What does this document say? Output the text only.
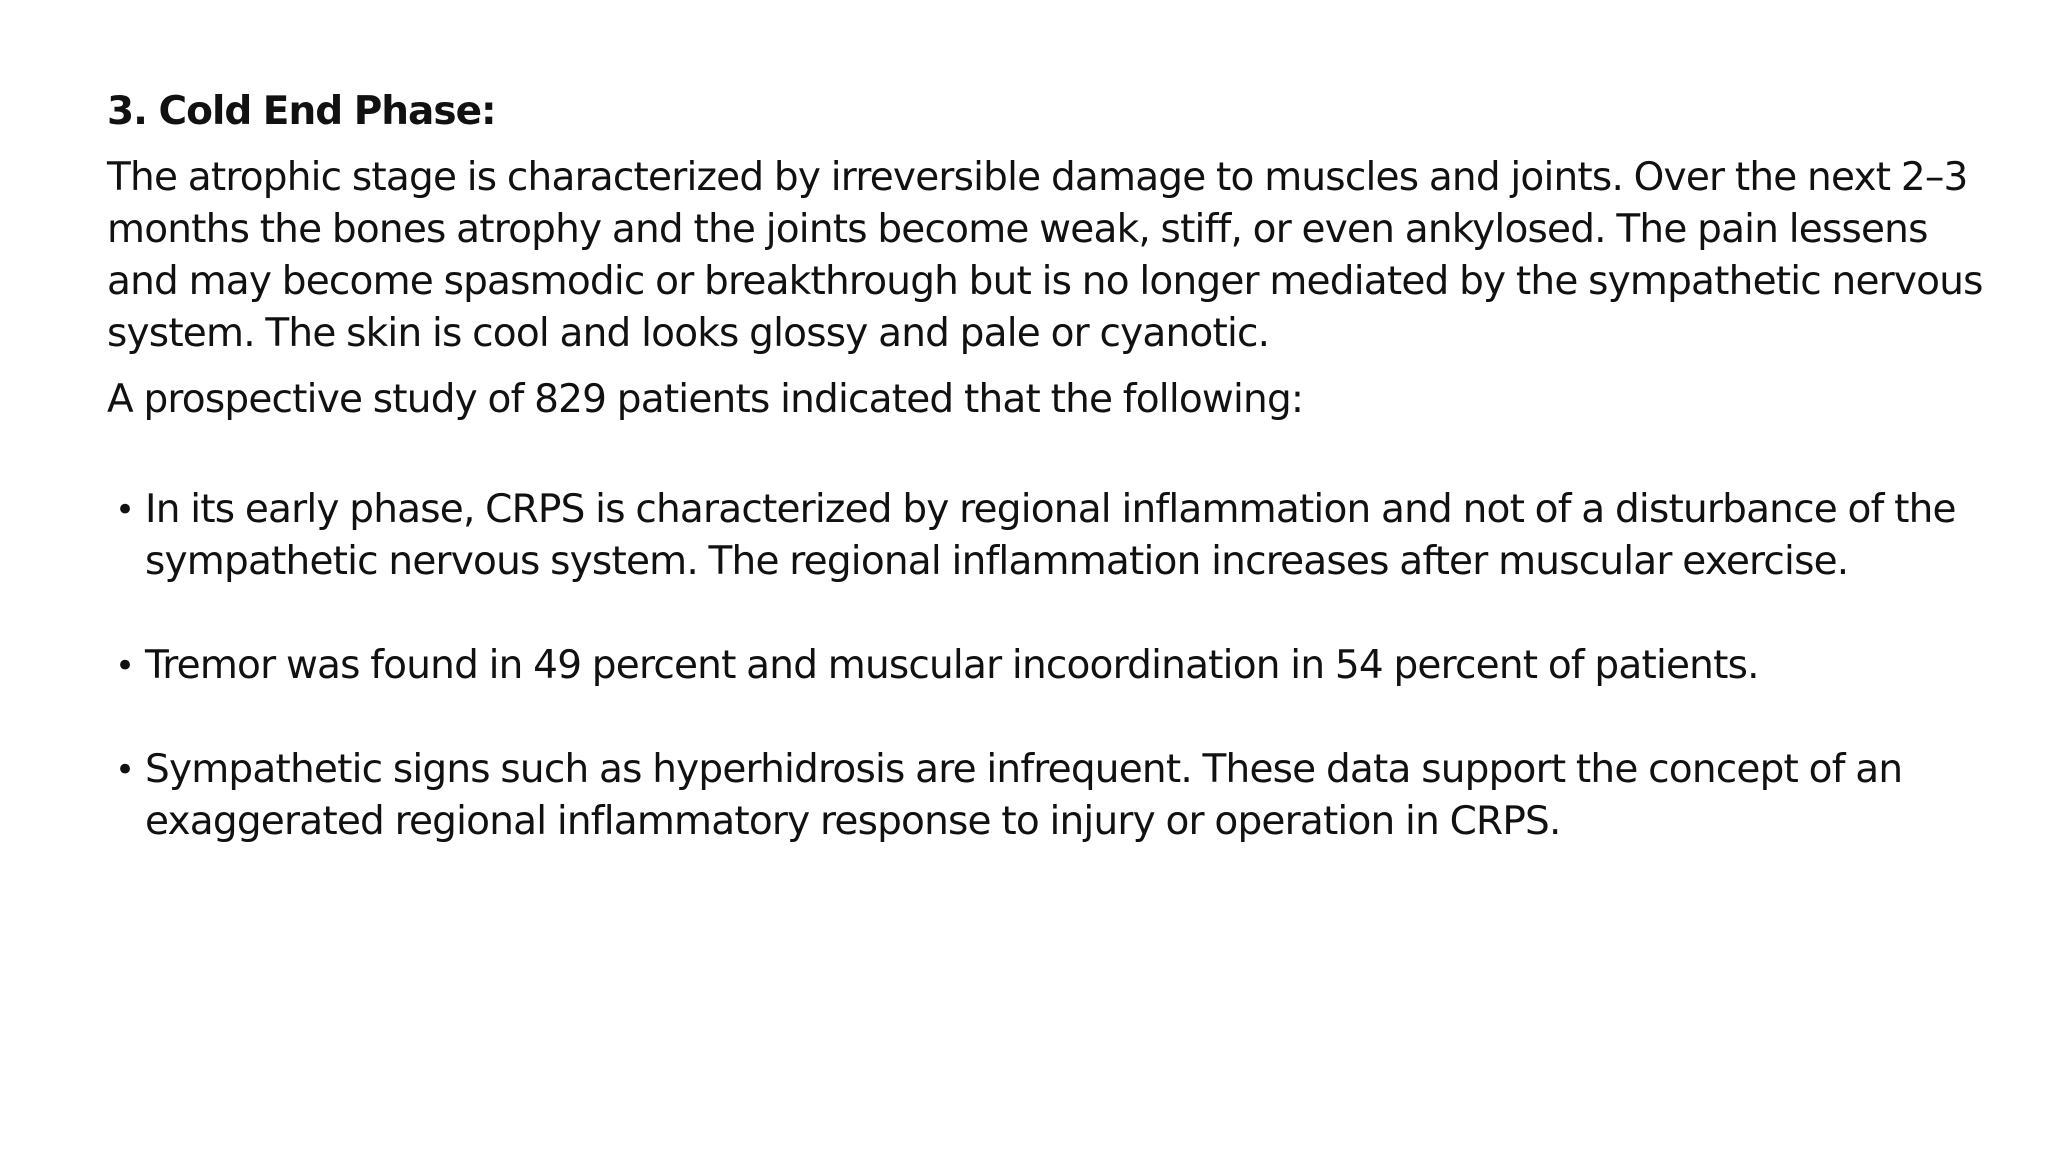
3. Cold End Phase:
The atrophic stage is characterized by irreversible damage to muscles and joints. Over the next 2–3 months the bones atrophy and the joints become weak, stiff, or even ankylosed. The pain lessens and may become spasmodic or breakthrough but is no longer mediated by the sympathetic nervous system. The skin is cool and looks glossy and pale or cyanotic.
A prospective study of 829 patients indicated that the following:
• In its early phase, CRPS is characterized by regional inflammation and not of a disturbance of the sympathetic nervous system. The regional inflammation increases after muscular exercise.
• Tremor was found in 49 percent and muscular incoordination in 54 percent of patients.
• Sympathetic signs such as hyperhidrosis are infrequent. These data support the concept of an exaggerated regional inflammatory response to injury or operation in CRPS.
